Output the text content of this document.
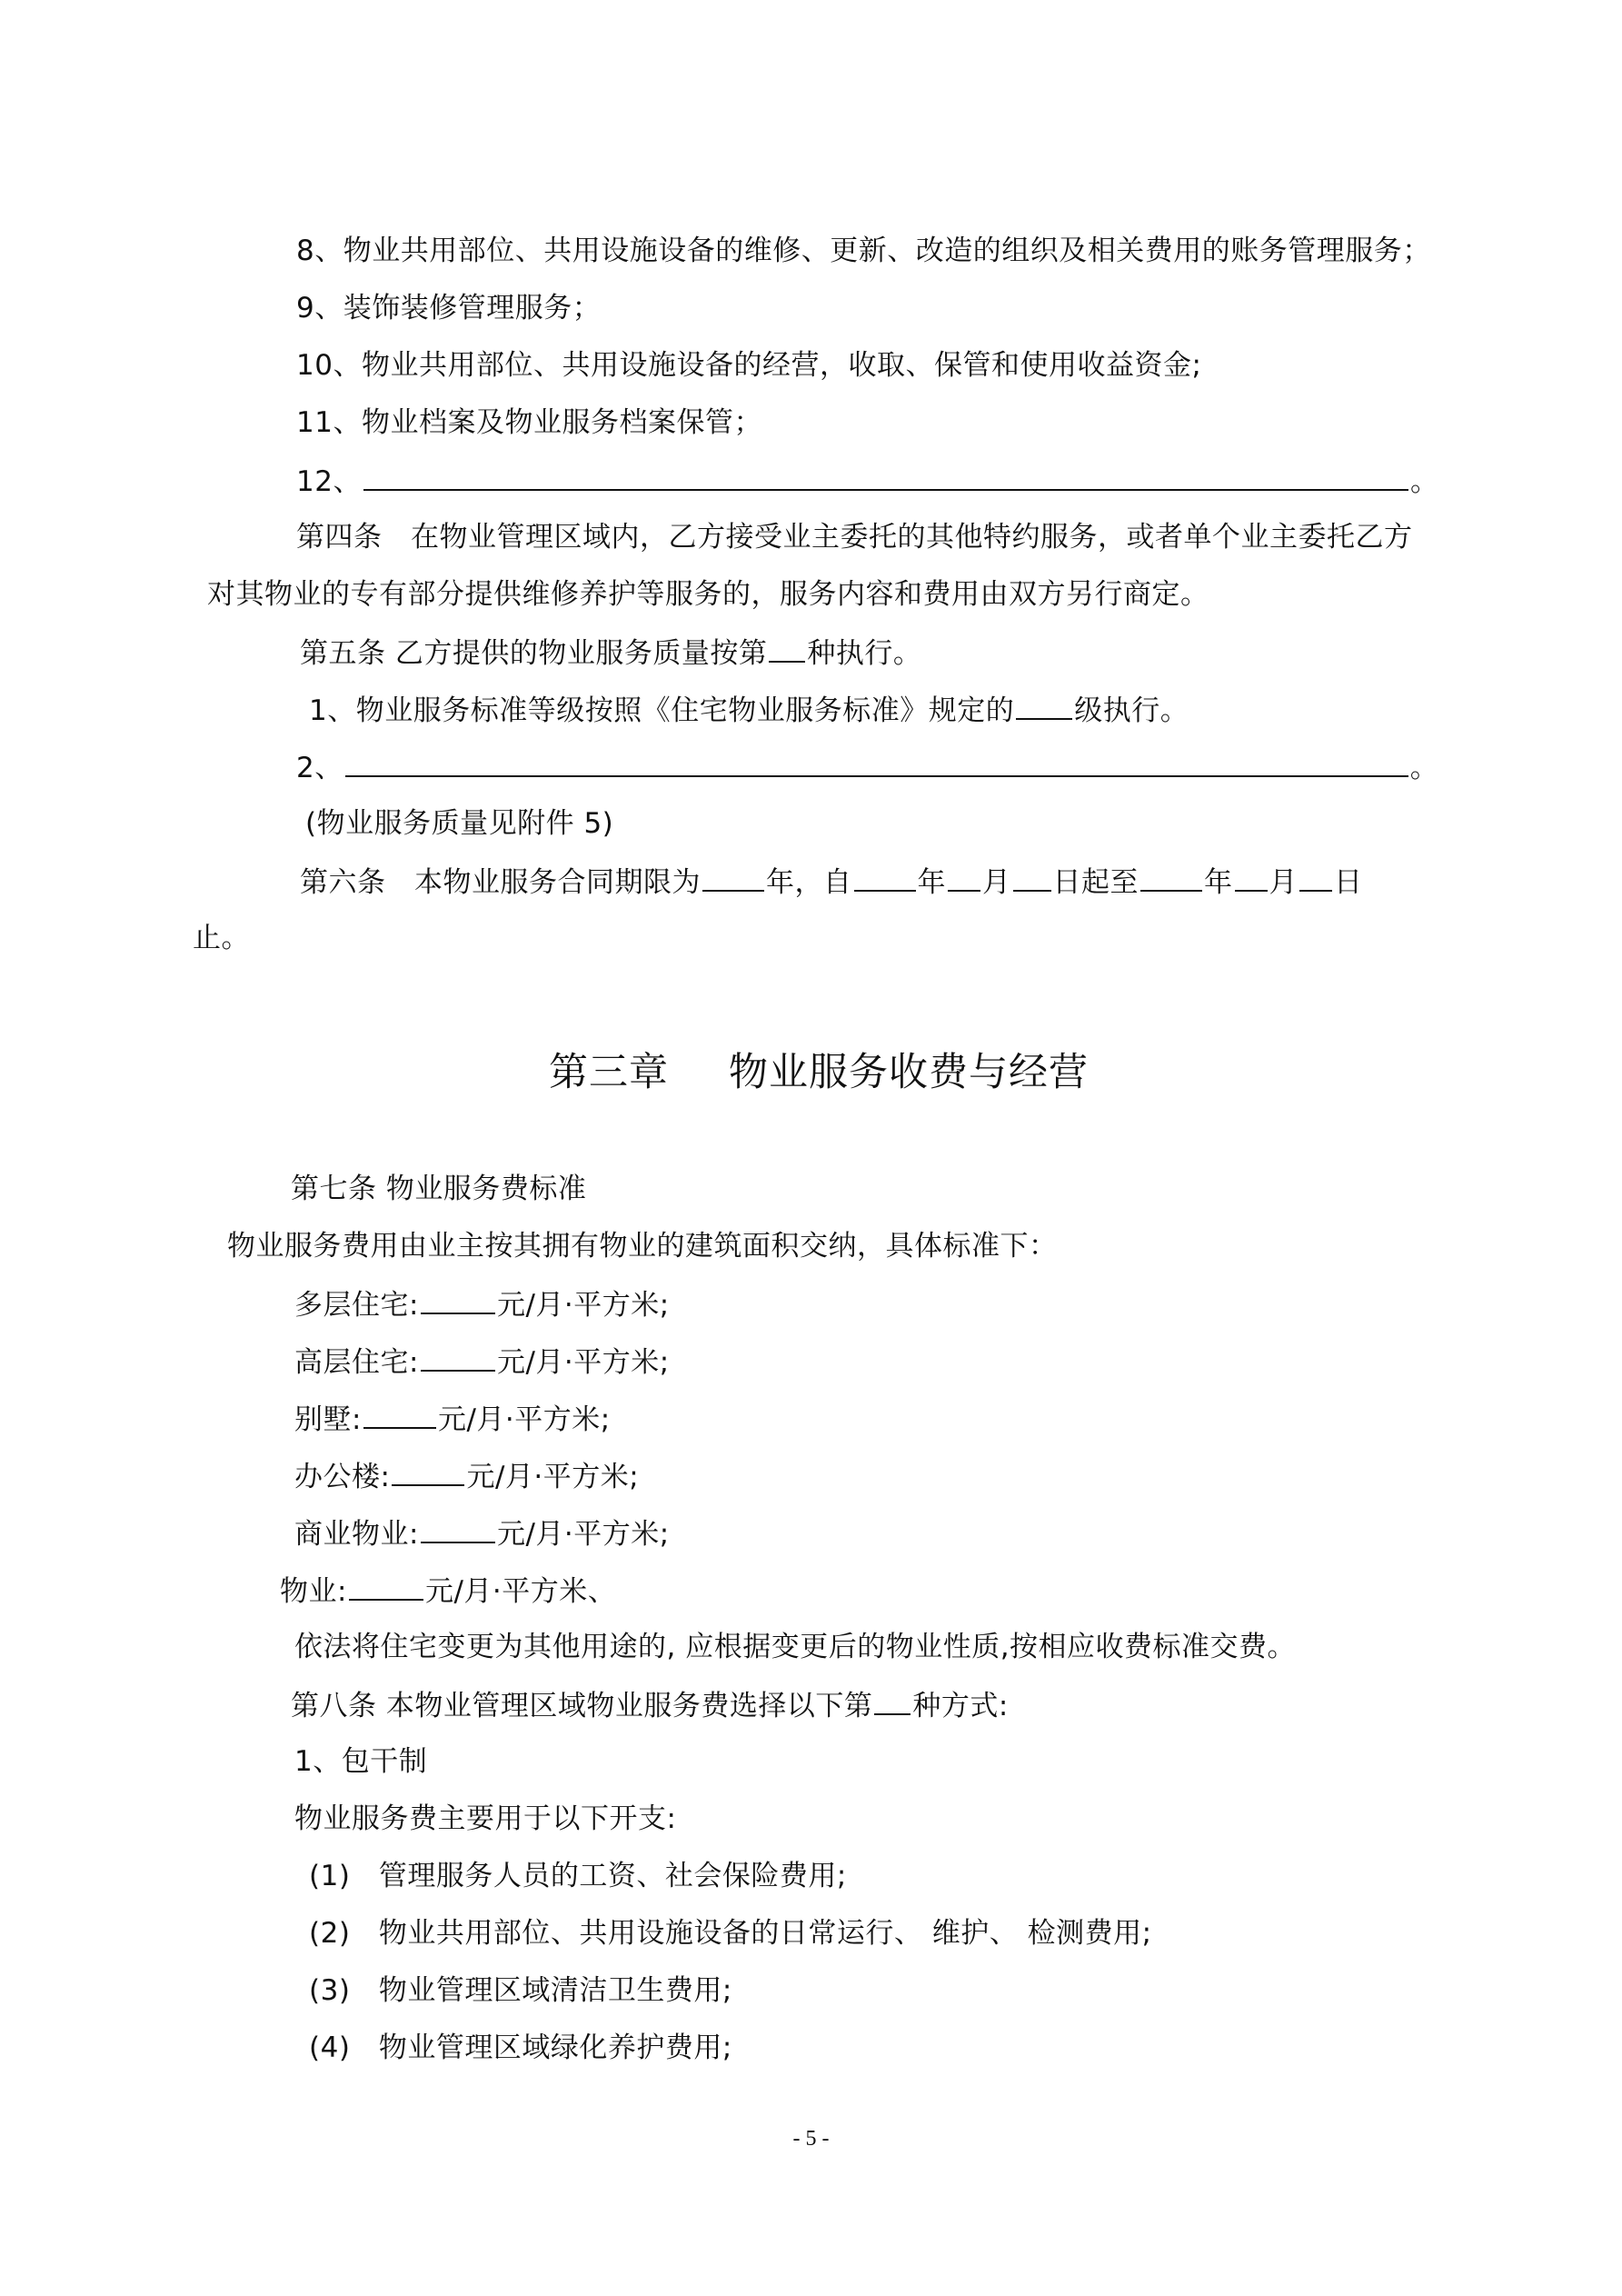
8、物业共用部位、共用设施设备的维修、更新、改造的组织及相关费用的账务管理服务；
9、装饰装修管理服务；
10、物业共用部位、共用设施设备的经营，收取、保管和使用收益资金;
11、物业档案及物业服务档案保管；
12、	。
第四条　在物业管理区域内，乙方接受业主委托的其他特约服务，或者单个业主委托乙方
对其物业的专有部分提供维修养护等服务的，服务内容和费用由双方另行商定。
第五条 乙方提供的物业服务质量按第 种执行。
1、物业服务标准等级按照《住宅物业服务标准》规定的 级执行。
2、	。
(物业服务质量见附件 5)
第六条　本物业服务合同期限为 年，自 年 月 日起至 年 月 日
止。
第三章 物业服务收费与经营
第七条 物业服务费标准
物业服务费用由业主按其拥有物业的建筑面积交纳，具体标准下：
多层住宅:	元/月·平方米;
高层住宅:	元/月·平方米;
别墅:	元/月·平方米;
办公楼:	元/月·平方米;
商业物业:	元/月·平方米;
物业:	元/月·平方米、
依法将住宅变更为其他用途的, 应根据变更后的物业性质,按相应收费标准交费。
第八条 本物业管理区域物业服务费选择以下第 种方式:
1、包干制
物业服务费主要用于以下开支:
(1)　管理服务人员的工资、社会保险费用;
(2)　物业共用部位、共用设施设备的日常运行、 维护、 检测费用;
(3)　物业管理区域清洁卫生费用;
(4)　物业管理区域绿化养护费用;
- 5 -
